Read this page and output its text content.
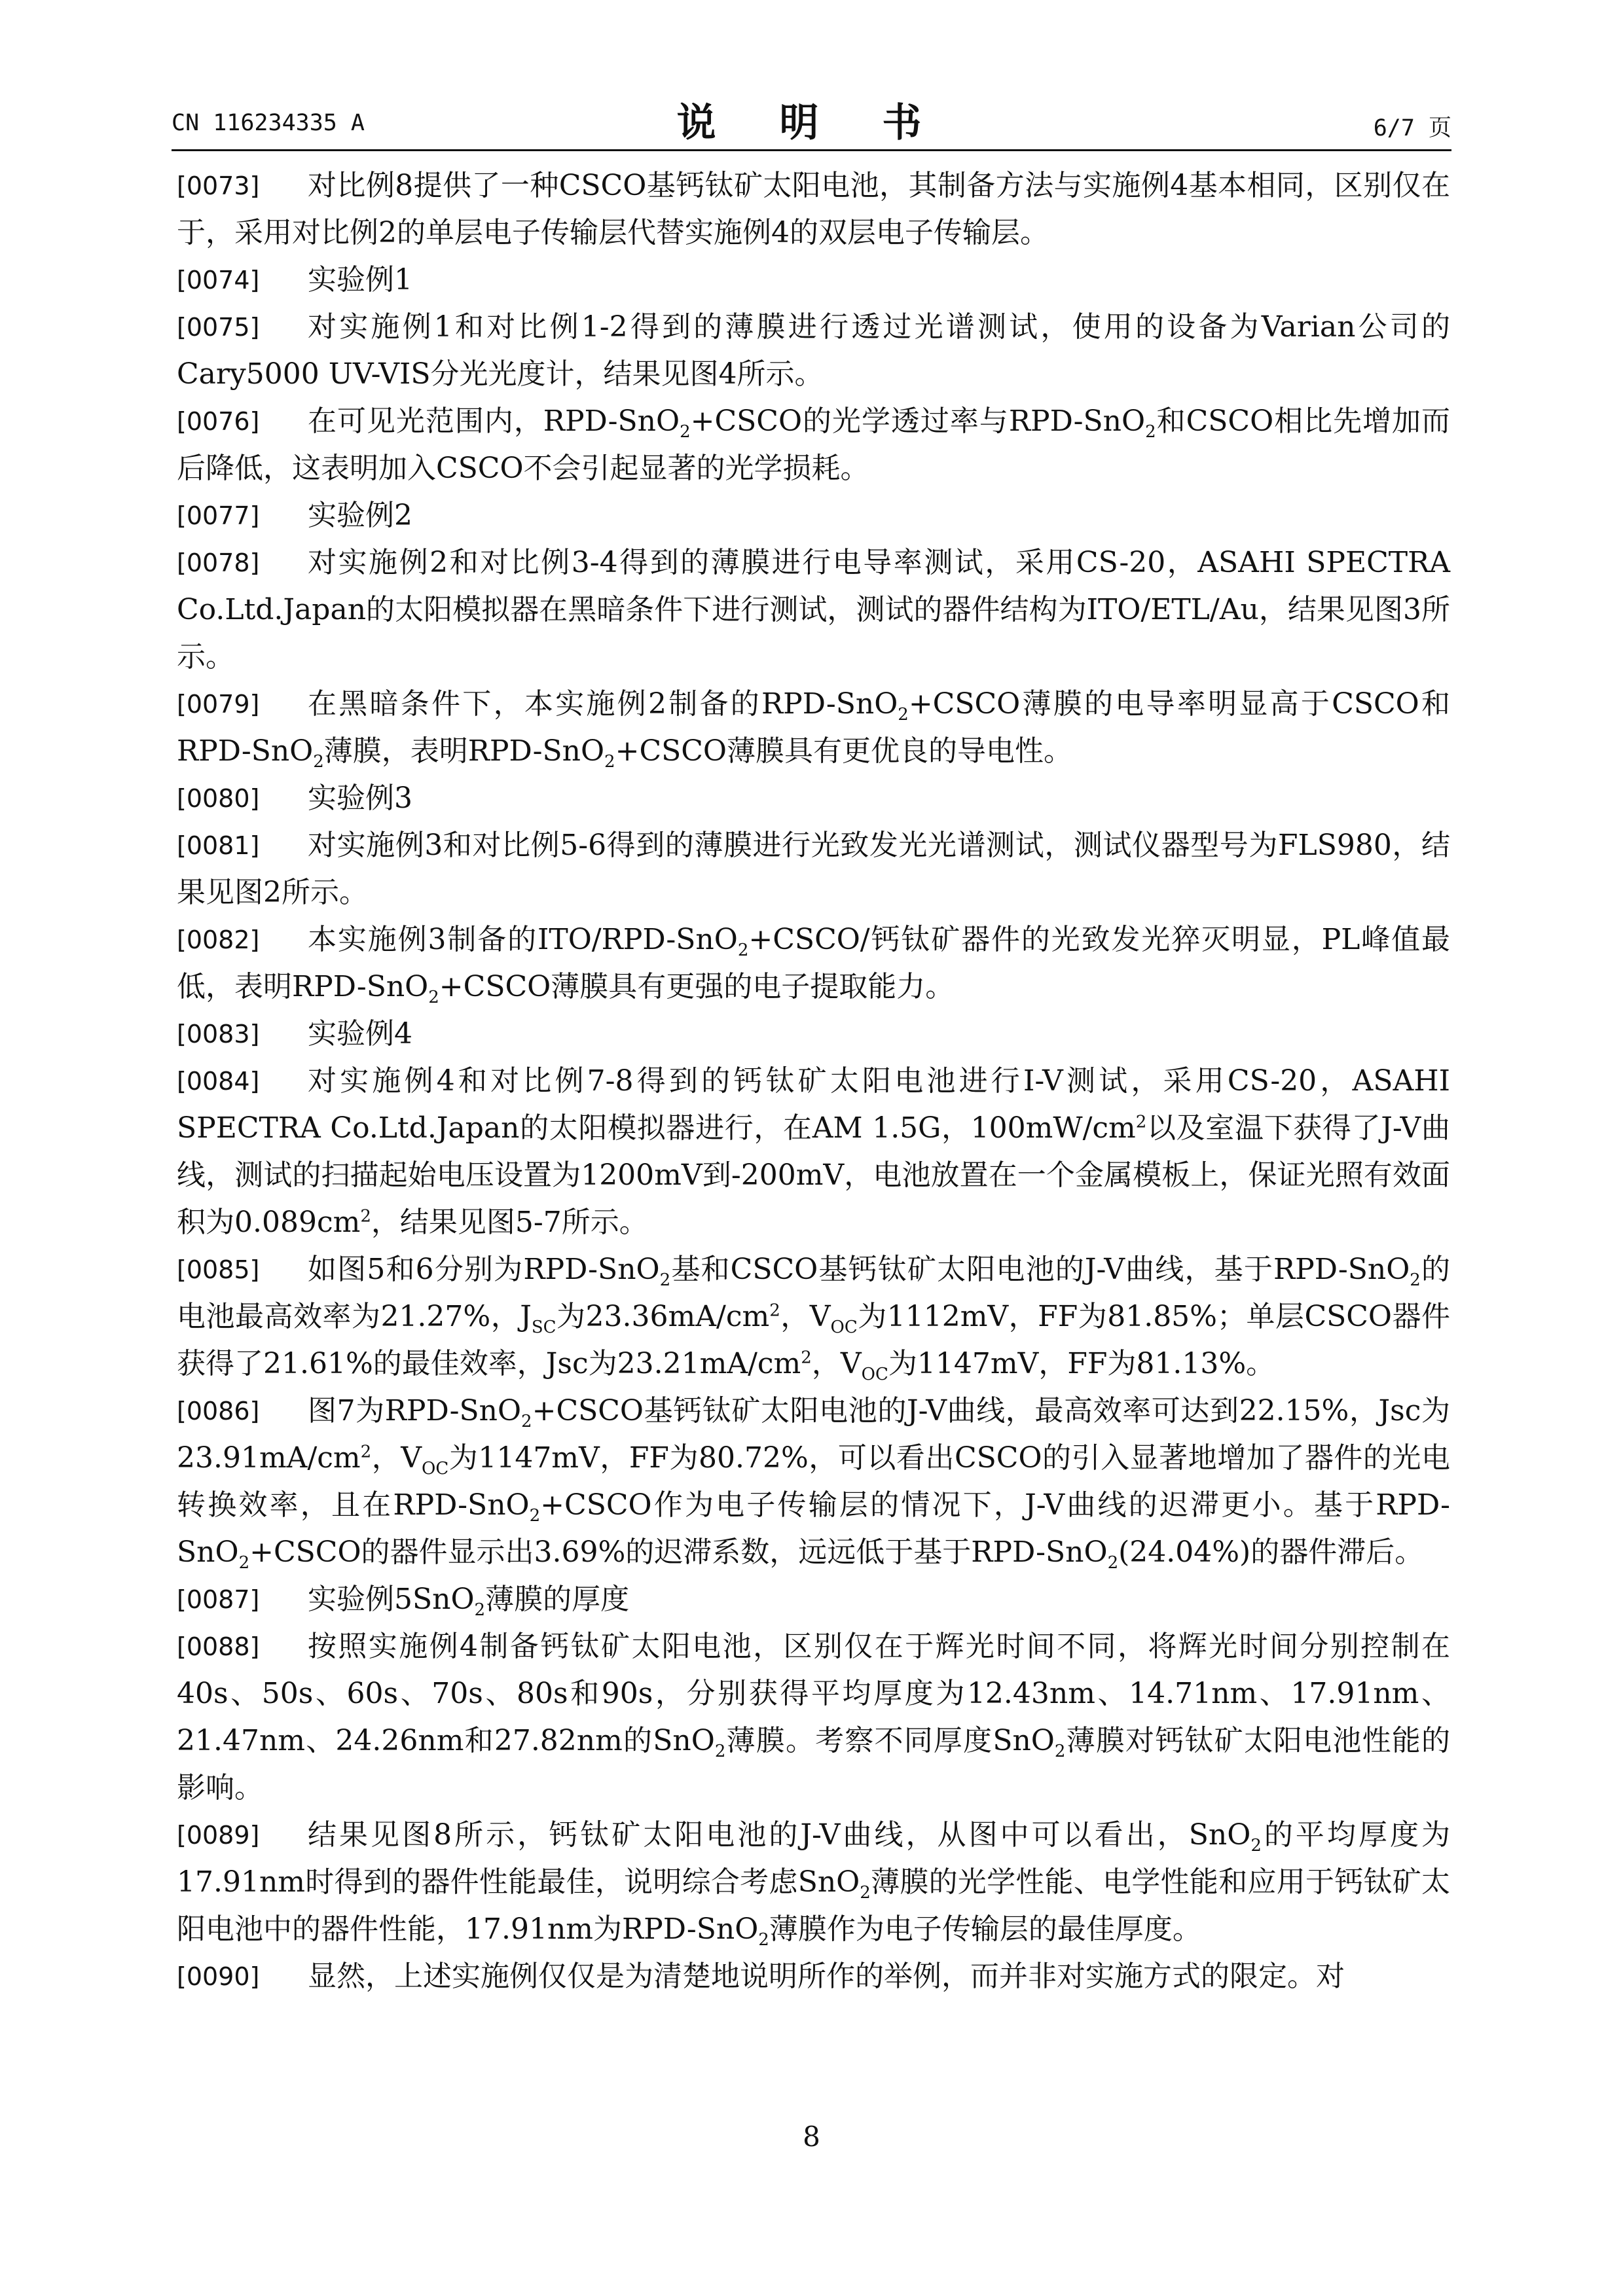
CN 116234335 A	说 明 书	6/7 页
[0073]	对比例8提供了一种CSCO基钙钛矿太阳电池，其制备方法与实施例4基本相同，区别仅在于，采用对比例2的单层电子传输层代替实施例4的双层电子传输层。
[0074]	实验例1
[0075]	对实施例1和对比例1-2得到的薄膜进行透过光谱测试，使用的设备为Varian公司的Cary5000 UV-VIS分光光度计，结果见图4所示。
[0076]	在可见光范围内，RPD-SnO$_2$+CSCO的光学透过率与RPD-SnO$_2$和CSCO相比先增加而后降低，这表明加入CSCO不会引起显著的光学损耗。
[0077]	实验例2
[0078]	对实施例2和对比例3-4得到的薄膜进行电导率测试，采用CS-20，ASAHI SPECTRA Co.Ltd.Japan的太阳模拟器在黑暗条件下进行测试，测试的器件结构为ITO/ETL/Au，结果见图3所示。
[0079]	在黑暗条件下，本实施例2制备的RPD-SnO$_2$+CSCO薄膜的电导率明显高于CSCO和RPD-SnO$_2$薄膜，表明RPD-SnO$_2$+CSCO薄膜具有更优良的导电性。
[0080]	实验例3
[0081]	对实施例3和对比例5-6得到的薄膜进行光致发光光谱测试，测试仪器型号为FLS980，结果见图2所示。
[0082]	本实施例3制备的ITO/RPD-SnO$_2$+CSCO/钙钛矿器件的光致发光猝灭明显，PL峰值最低，表明RPD-SnO$_2$+CSCO薄膜具有更强的电子提取能力。
[0083]	实验例4
[0084]	对实施例4和对比例7-8得到的钙钛矿太阳电池进行I-V测试，采用CS-20，ASAHI SPECTRA Co.Ltd.Japan的太阳模拟器进行，在AM 1.5G，$100mW/cm^2$以及室温下获得了J-V曲线，测试的扫描起始电压设置为1200mV到-200mV，电池放置在一个金属模板上，保证光照有效面积为$0.089cm^2$，结果见图5-7所示。
[0085]	如图5和6分别为RPD-SnO$_2$基和CSCO基钙钛矿太阳电池的J-V曲线，基于RPD-SnO$_2$的电池最高效率为21.27%，$J_{SC}$为$23.36mA/cm^2$，$V_{OC}$为1112mV，FF为81.85%；单层CSCO器件获得了21.61%的最佳效率，Jsc为$23.21mA/cm^2$，$V_{OC}$为1147mV，FF为81.13%。
[0086]	图7为RPD-SnO$_2$+CSCO基钙钛矿太阳电池的J-V曲线，最高效率可达到22.15%，Jsc为$23.91mA/cm^2$，$V_{OC}$为1147mV，FF为80.72%，可以看出CSCO的引入显著地增加了器件的光电转换效率，且在RPD-SnO$_2$+CSCO作为电子传输层的情况下，J-V曲线的迟滞更小。基于RPD-SnO$_2$+CSCO的器件显示出3.69%的迟滞系数，远远低于基于RPD-SnO$_2$(24.04%)的器件滞后。
[0087]	实验例5SnO$_2$薄膜的厚度
[0088]	按照实施例4制备钙钛矿太阳电池，区别仅在于辉光时间不同，将辉光时间分别控制在40s、50s、60s、70s、80s和90s，分别获得平均厚度为12.43nm、14.71nm、17.91nm、21.47nm、24.26nm和27.82nm的SnO$_2$薄膜。考察不同厚度SnO$_2$薄膜对钙钛矿太阳电池性能的影响。
[0089]	结果见图8所示，钙钛矿太阳电池的J-V曲线，从图中可以看出，SnO$_2$的平均厚度为17.91nm时得到的器件性能最佳，说明综合考虑SnO$_2$薄膜的光学性能、电学性能和应用于钙钛矿太阳电池中的器件性能，17.91nm为RPD-SnO$_2$薄膜作为电子传输层的最佳厚度。
[0090]	显然，上述实施例仅仅是为清楚地说明所作的举例，而并非对实施方式的限定。对
8
